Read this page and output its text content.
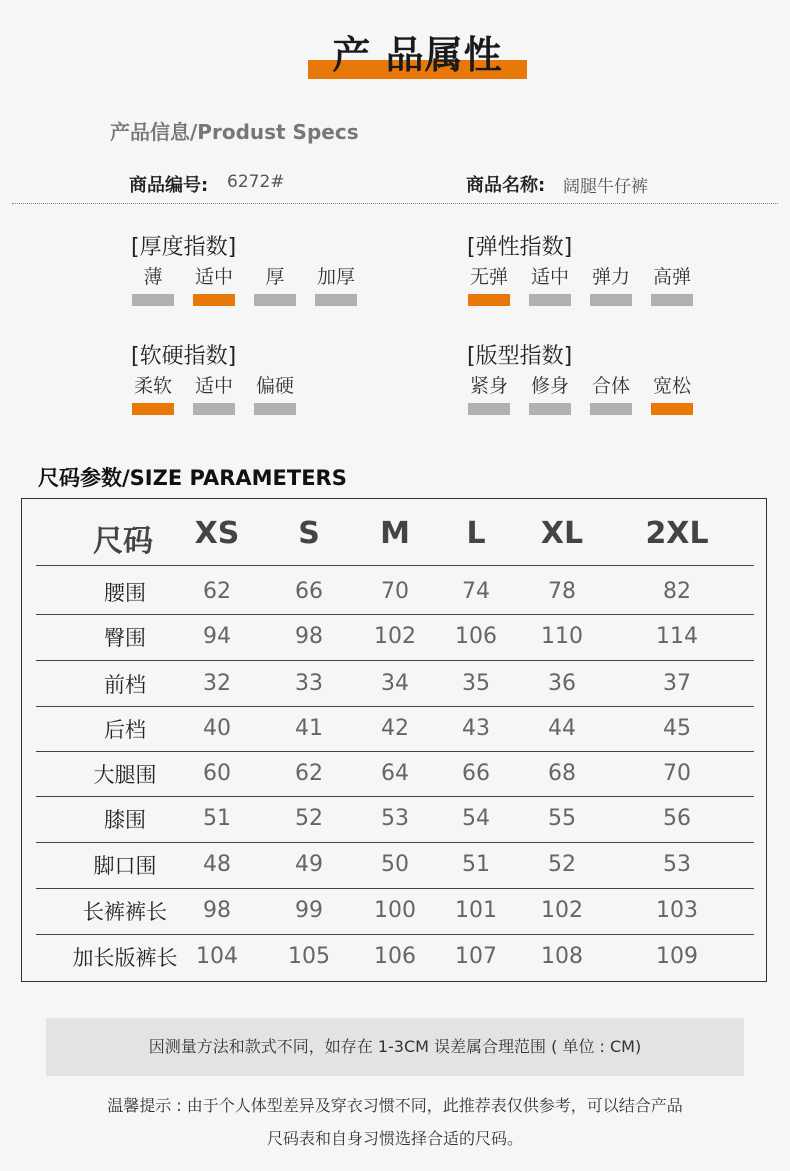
产 品属性
产品信息/Produst Specs
商品编号: 6272#	商品名称: 阔腿牛仔裤
[厚度指数]
薄	适中	厚	加厚
[弹性指数]
无弹 适中 弹力 高弹
[软硬指数]
柔软 适中 偏硬
[版型指数]
紧身 修身 合体 宽松
尺码参数/SIZE PARAMETERS
尺码	XS	S	M	L	XL	2XL
腰围	62	66	70	74	78	82
臀围	94	98	102	106	110	114
前档	32	33	34	35	36	37
后档	40	41	42	43	44	45
大腿围	60	62	64	66	68	70
膝围	51	52	53	54	55	56
脚口围	48	49	50	51	52	53
长裤裤长	98	99	100	101	102	103
加长版裤长 104	105	106	107	108	109
因测量方法和款式不同，如存在 1-3CM 误差属合理范围 ( 单位 : CM)
温馨提示 : 由于个人体型差异及穿衣习惯不同，此推荐表仅供参考，可以结合产品
尺码表和自身习惯选择合适的尺码。
